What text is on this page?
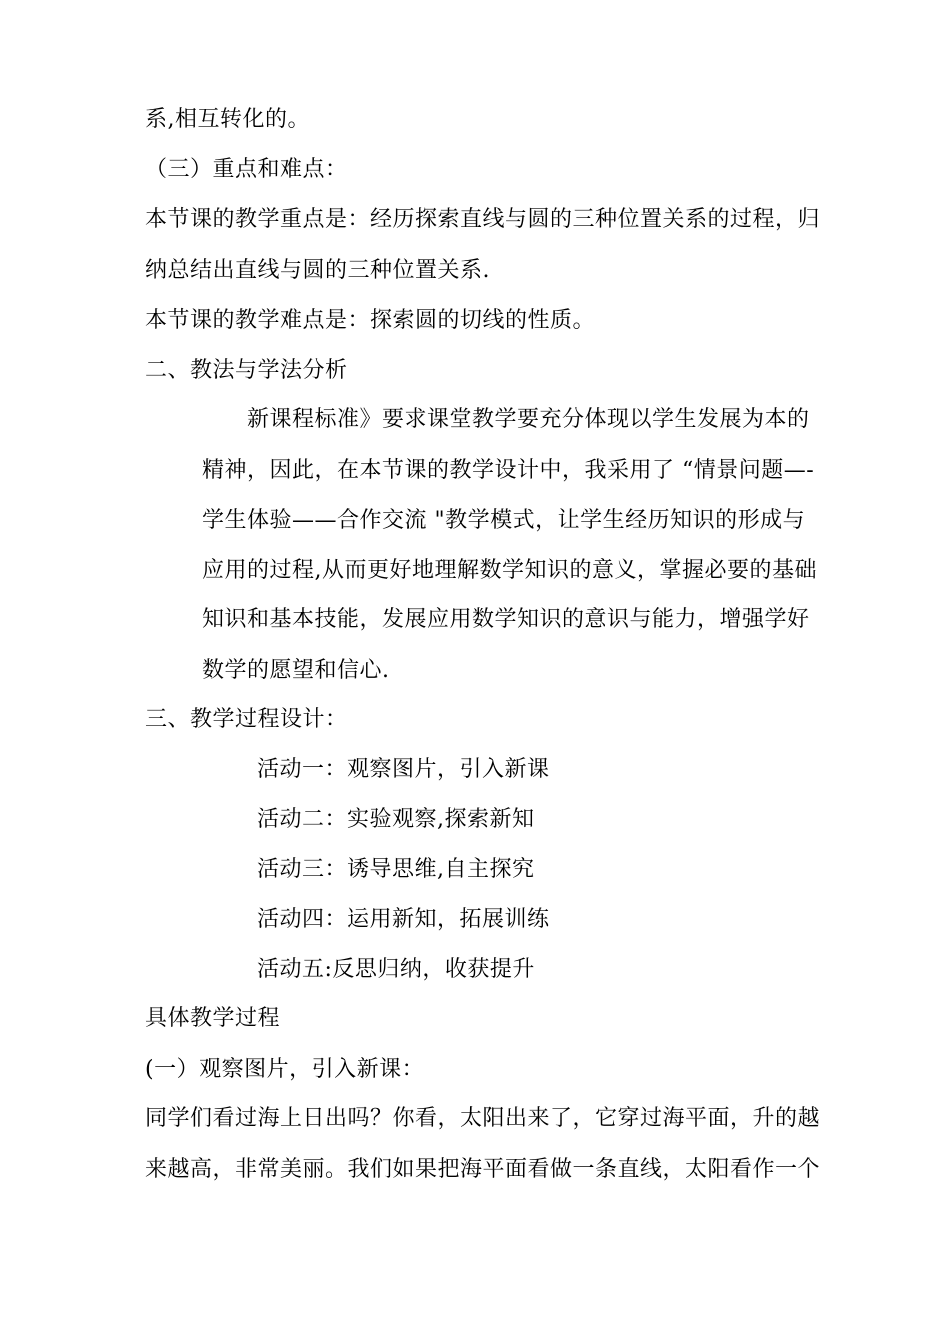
系,相互转化的。
（三）重点和难点：
本节课的教学重点是：经历探索直线与圆的三种位置关系的过程，归
纳总结出直线与圆的三种位置关系.
本节课的教学难点是：探索圆的切线的性质。
二、教法与学法分析
新课程标准》要求课堂教学要充分体现以学生发展为本的
精神，因此，在本节课的教学设计中，我采用了 “情景问题—-
学生体验——合作交流 "教学模式，让学生经历知识的形成与
应用的过程,从而更好地理解数学知识的意义，掌握必要的基础
知识和基本技能，发展应用数学知识的意识与能力，增强学好
数学的愿望和信心.
三、教学过程设计：
活动一：观察图片，引入新课
活动二：实验观察,探索新知
活动三：诱导思维,自主探究
活动四：运用新知，拓展训练
活动五:反思归纳，收获提升
具体教学过程
(一）观察图片，引入新课：
同学们看过海上日出吗？你看，太阳出来了，它穿过海平面，升的越
来越高，非常美丽。我们如果把海平面看做一条直线，太阳看作一个
